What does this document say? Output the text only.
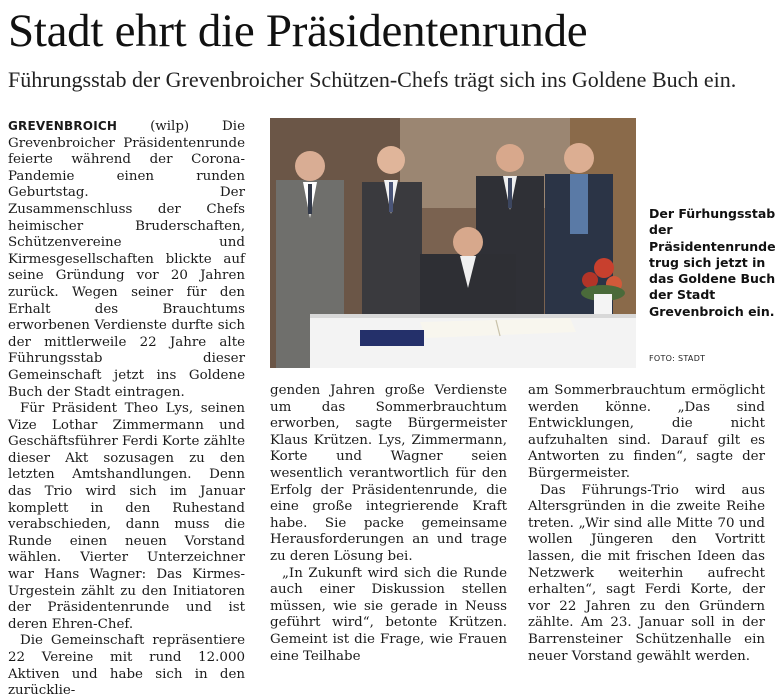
Stadt ehrt die Präsidentenrunde

Führungsstab der Grevenbroicher Schützen-Chefs trägt sich ins Goldene Buch ein.

GREVENBROICH (wilp) Die Grevenbroicher Präsidentenrunde feierte während der Corona-Pandemie einen runden Geburtstag. Der Zusammenschluss der Chefs heimischer Bruderschaften, Schützenvereine und Kirmesgesellschaften blickte auf seine Gründung vor 20 Jahren zurück. Wegen seiner für den Erhalt des Brauchtums erworbenen Verdienste durfte sich der mittlerweile 22 Jahre alte Führungsstab dieser Gemeinschaft jetzt ins Goldene Buch der Stadt eintragen.

Für Präsident Theo Lys, seinen Vize Lothar Zimmermann und Geschäftsführer Ferdi Korte zählte dieser Akt sozusagen zu den letzten Amtshandlungen. Denn das Trio wird sich im Januar komplett in den Ruhestand verabschieden, dann muss die Runde einen neuen Vorstand wählen. Vierter Unterzeichner war Hans Wagner: Das Kirmes-Urgestein zählt zu den Initiatoren der Präsidentenrunde und ist deren Ehren-Chef.

Die Gemeinschaft repräsentiere 22 Vereine mit rund 12.000 Aktiven und habe sich in den zurücklie-

Der Fürhungsstab der Präsidentenrunde trug sich jetzt in das Goldene Buch der Stadt Grevenbroich ein.
FOTO: STADT

genden Jahren große Verdienste um das Sommerbrauchtum erworben, sagte Bürgermeister Klaus Krützen. Lys, Zimmermann, Korte und Wagner seien wesentlich verantwortlich für den Erfolg der Präsidentenrunde, die eine große integrierende Kraft habe. Sie packe gemeinsame Herausforderungen an und trage zu deren Lösung bei.

„In Zukunft wird sich die Runde auch einer Diskussion stellen müssen, wie sie gerade in Neuss geführt wird“, betonte Krützen. Gemeint ist die Frage, wie Frauen eine Teilhabe

am Sommerbrauchtum ermöglicht werden könne. „Das sind Entwicklungen, die nicht aufzuhalten sind. Darauf gilt es Antworten zu finden“, sagte der Bürgermeister.

Das Führungs-Trio wird aus Altersgründen in die zweite Reihe treten. „Wir sind alle Mitte 70 und wollen Jüngeren den Vortritt lassen, die mit frischen Ideen das Netzwerk weiterhin aufrecht erhalten“, sagt Ferdi Korte, der vor 22 Jahren zu den Gründern zählte. Am 23. Januar soll in der Barrensteiner Schützenhalle ein neuer Vorstand gewählt werden.
